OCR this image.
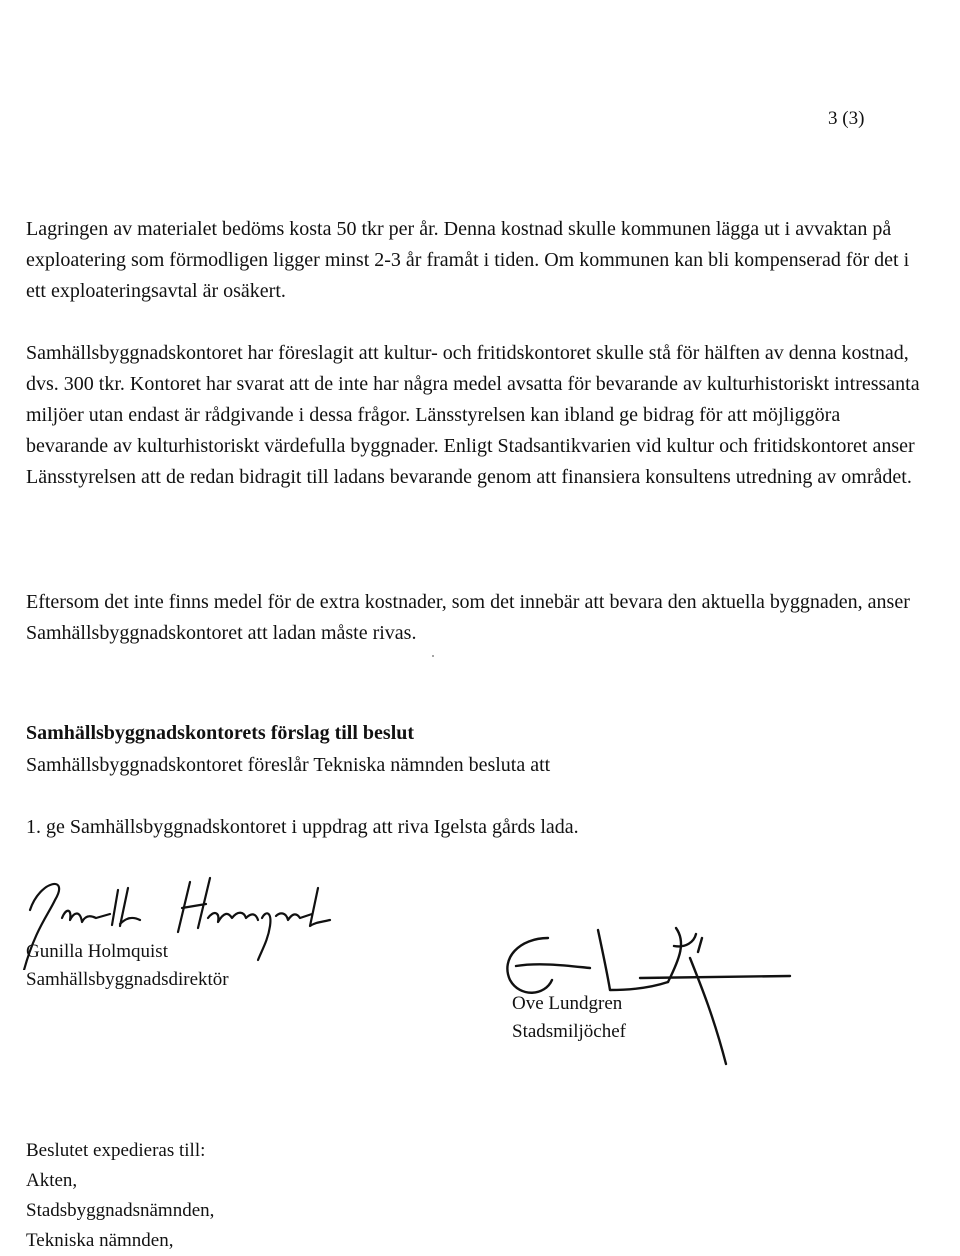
3 (3)

Lagringen av materialet bedöms kosta 50 tkr per år. Denna kostnad skulle kommunen lägga ut i avvaktan på exploatering som förmodligen ligger minst 2-3 år framåt i tiden. Om kommunen kan bli kompenserad för det i ett exploateringsavtal är osäkert.

Samhällsbyggnadskontoret har föreslagit att kultur- och fritidskontoret skulle stå för hälften av denna kostnad, dvs. 300 tkr. Kontoret har svarat att de inte har några medel avsatta för bevarande av kulturhistoriskt intressanta miljöer utan endast är rådgivande i dessa frågor. Länsstyrelsen kan ibland ge bidrag för att möjliggöra bevarande av kulturhistoriskt värdefulla byggnader. Enligt Stadsantikvarien vid kultur och fritidskontoret anser Länsstyrelsen att de redan bidragit till ladans bevarande genom att finansiera konsultens utredning av området.

Eftersom det inte finns medel för de extra kostnader, som det innebär att bevara den aktuella byggnaden, anser Samhällsbyggnadskontoret att ladan måste rivas.

Samhällsbyggnadskontorets förslag till beslut

Samhällsbyggnadskontoret föreslår Tekniska nämnden besluta att

1. ge Samhällsbyggnadskontoret i uppdrag att riva Igelsta gårds lada.

Gunilla Holmquist
Samhällsbyggnadsdirektör
Ove Lundgren
Stadsmiljöchef
Beslutet expedieras till:
Akten,
Stadsbyggnadsnämnden,
Tekniska nämnden,
